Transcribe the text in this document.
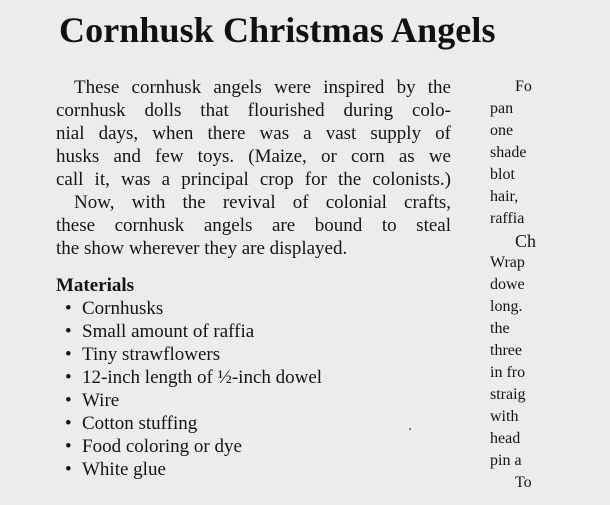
Cornhusk Christmas Angels
These cornhusk angels were inspired by the
cornhusk dolls that flourished during colo-
nial days, when there was a vast supply of
husks and few toys. (Maize, or corn as we
call it, was a principal crop for the colonists.)
Now, with the revival of colonial crafts,
these cornhusk angels are bound to steal
the show wherever they are displayed.
Materials
• Cornhusks
• Small amount of raffia
• Tiny strawflowers
• 12-inch length of ½-inch dowel
• Wire
• Cotton stuffing
• Food coloring or dye
• White glue
Fo
pan
one
shade
blot
hair,
raffia
Ch
Wrap
dowe
long.
the
three
in fro
straig
with
head
pin a
To
